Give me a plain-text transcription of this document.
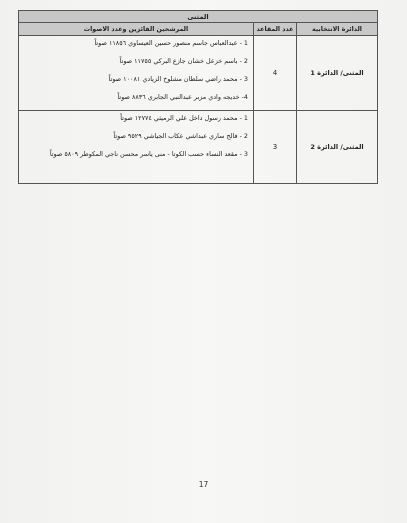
المثنى		
الدائرة الانتخابية	عدد المقاعد	المرشحين الفائزين وعدد الاصوات
المثنى/ الدائرة 1	4	1 - عبدالعباس جاسم منصور حسين العيساوي ١١٨٥٦ صوتاً
2 - باسم خزعل خشان جازع البركي ١١٧٥٥ صوتاً
3 - محمد راضي سلطان مشلوخ الزيادي ١٠٠٨١ صوتاً
4- خديجه وادي مزبر عبدالنبي الجابري ٨٨٣٦ صوتاً

المثنى/ الدائرة 2	3	1 - محمد رسول داخل علي الرميثي ١٢٧٧٤ صوتاً
2 - فالح ساري عبداشي عكاب الجياشي ٩٥٢٩ صوتاً
3 - مقعد النساء حسب الكوتا - منى ياسر محسن ناجي المكوطر ٥٨٠٩ صوتاً
17
